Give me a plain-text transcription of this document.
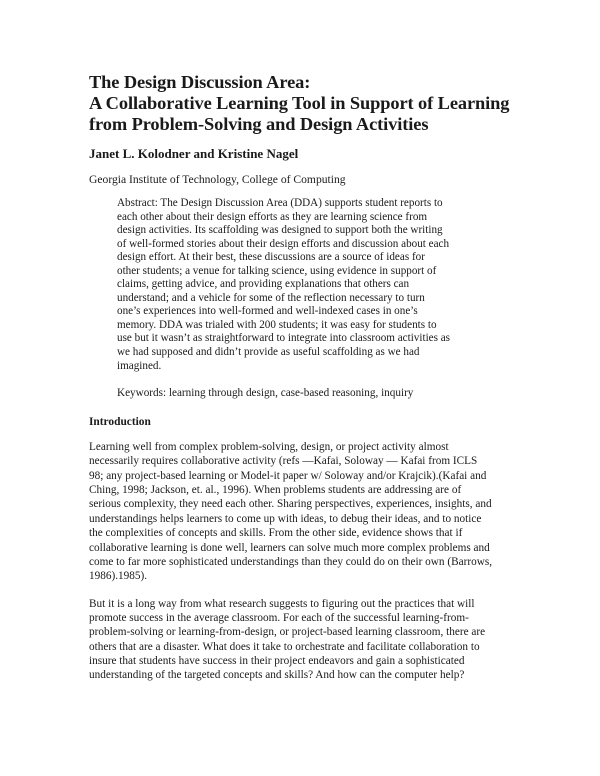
The Design Discussion Area:
A Collaborative Learning Tool in Support of Learning
from Problem-Solving and Design Activities
Janet L. Kolodner and Kristine Nagel
Georgia Institute of Technology, College of Computing
Abstract: The Design Discussion Area (DDA) supports student reports to
each other about their design efforts as they are learning science from
design activities. Its scaffolding was designed to support both the writing
of well-formed stories about their design efforts and discussion about each
design effort. At their best, these discussions are a source of ideas for
other students; a venue for talking science, using evidence in support of
claims, getting advice, and providing explanations that others can
understand; and a vehicle for some of the reflection necessary to turn
one’s experiences into well-formed and well-indexed cases in one’s
memory. DDA was trialed with 200 students; it was easy for students to
use but it wasn’t as straightforward to integrate into classroom activities as
we had supposed and didn’t provide as useful scaffolding as we had
imagined.
Keywords: learning through design, case-based reasoning, inquiry
Introduction
Learning well from complex problem-solving, design, or project activity almost
necessarily requires collaborative activity (refs —Kafai, Soloway — Kafai from ICLS
98; any project-based learning or Model-it paper w/ Soloway and/or Krajcik).(Kafai and
Ching, 1998; Jackson, et. al., 1996). When problems students are addressing are of
serious complexity, they need each other. Sharing perspectives, experiences, insights, and
understandings helps learners to come up with ideas, to debug their ideas, and to notice
the complexities of concepts and skills. From the other side, evidence shows that if
collaborative learning is done well, learners can solve much more complex problems and
come to far more sophisticated understandings than they could do on their own (Barrows,
1986).1985).
But it is a long way from what research suggests to figuring out the practices that will
promote success in the average classroom. For each of the successful learning-from-
problem-solving or learning-from-design, or project-based learning classroom, there are
others that are a disaster. What does it take to orchestrate and facilitate collaboration to
insure that students have success in their project endeavors and gain a sophisticated
understanding of the targeted concepts and skills? And how can the computer help?
